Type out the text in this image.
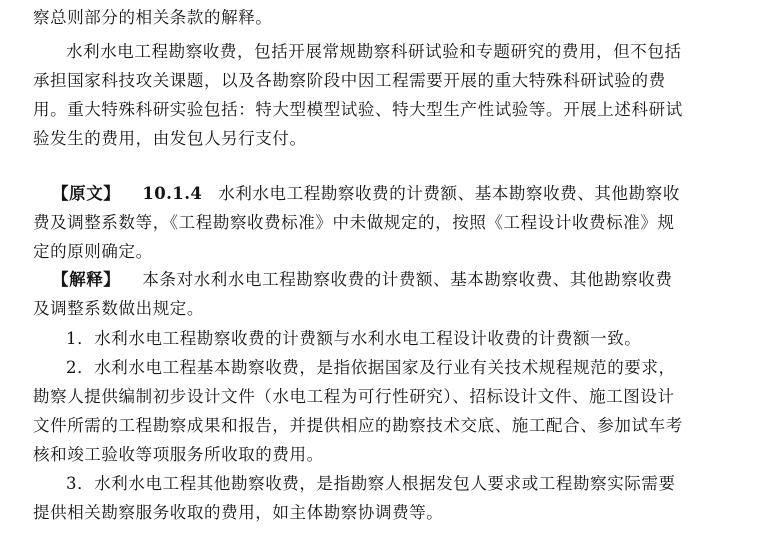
察总则部分的相关条款的解释。
水利水电工程勘察收费，包括开展常规勘察科研试验和专题研究的费用，但不包括
承担国家科技攻关课题，以及各勘察阶段中因工程需要开展的重大特殊科研试验的费
用。重大特殊科研实验包括：特大型模型试验、特大型生产性试验等。开展上述科研试
验发生的费用，由发包人另行支付。
【原文】 10.1.4 水利水电工程勘察收费的计费额、基本勘察收费、其他勘察收
费及调整系数等，《工程勘察收费标准》中未做规定的，按照《工程设计收费标准》规
定的原则确定。
【解释】 本条对水利水电工程勘察收费的计费额、基本勘察收费、其他勘察收费
及调整系数做出规定。
1．水利水电工程勘察收费的计费额与水利水电工程设计收费的计费额一致。
2．水利水电工程基本勘察收费，是指依据国家及行业有关技术规程规范的要求，
勘察人提供编制初步设计文件（水电工程为可行性研究）、招标设计文件、施工图设计
文件所需的工程勘察成果和报告，并提供相应的勘察技术交底、施工配合、参加试车考
核和竣工验收等项服务所收取的费用。
3．水利水电工程其他勘察收费，是指勘察人根据发包人要求或工程勘察实际需要
提供相关勘察服务收取的费用，如主体勘察协调费等。
